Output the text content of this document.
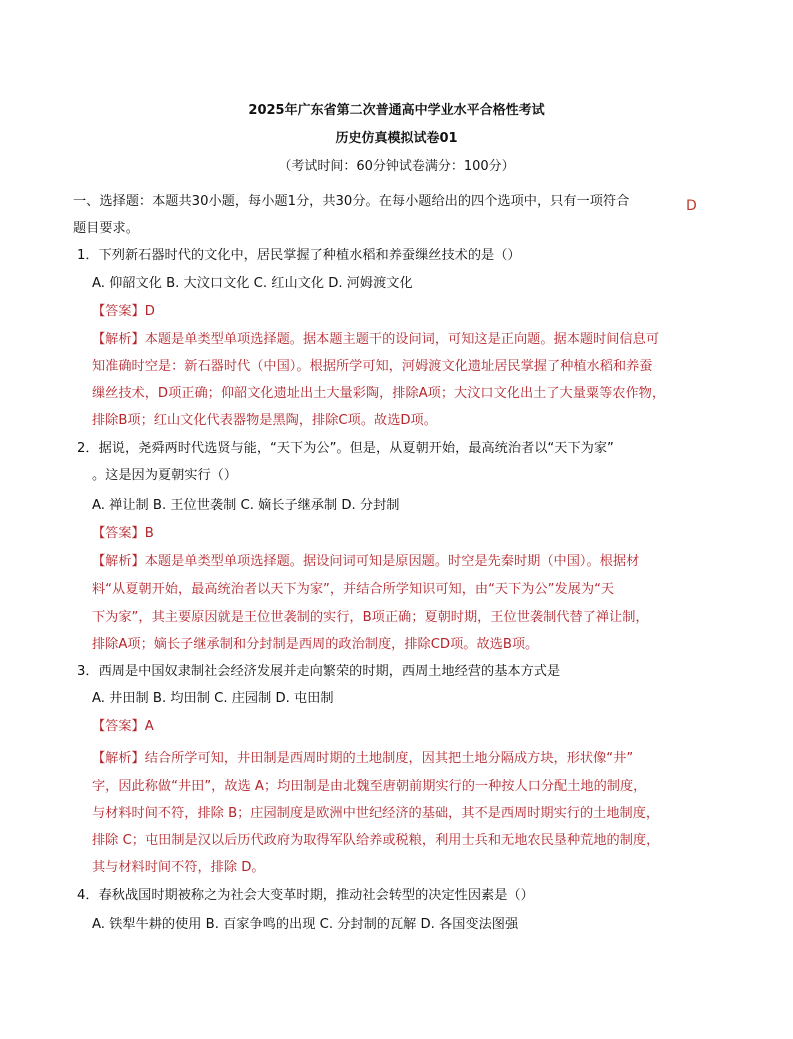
2025年广东省第二次普通高中学业水平合格性考试
历史仿真模拟试卷01
（考试时间：60分钟试卷满分：100分）
一、选择题：本题共30小题，每小题1分，共30分。在每小题给出的四个选项中，只有一项符合	D
题目要求。
1．下列新石器时代的文化中，居民掌握了种植水稻和养蚕缫丝技术的是（）
A. 仰韶文化 B. 大汶口文化 C. 红山文化 D. 河姆渡文化
【答案】D
【解析】本题是单类型单项选择题。据本题主题干的设问词，可知这是正向题。据本题时间信息可
知准确时空是：新石器时代（中国）。根据所学可知，河姆渡文化遗址居民掌握了种植水稻和养蚕
缫丝技术，D项正确；仰韶文化遗址出土大量彩陶，排除A项；大汶口文化出土了大量粟等农作物，
排除B项；红山文化代表器物是黑陶，排除C项。故选D项。
2．据说，尧舜两时代选贤与能，“天下为公”。但是，从夏朝开始，最高统治者以“天下为家”
。这是因为夏朝实行（）
A. 禅让制 B. 王位世袭制 C. 嫡长子继承制 D. 分封制
【答案】B
【解析】本题是单类型单项选择题。据设问词可知是原因题。时空是先秦时期（中国）。根据材
料“从夏朝开始，最高统治者以天下为家”，并结合所学知识可知，由“天下为公”发展为“天
下为家”，其主要原因就是王位世袭制的实行，B项正确；夏朝时期，王位世袭制代替了禅让制，
排除A项；嫡长子继承制和分封制是西周的政治制度，排除CD项。故选B项。
3．西周是中国奴隶制社会经济发展并走向繁荣的时期，西周土地经营的基本方式是
A. 井田制 B. 均田制 C. 庄园制 D. 屯田制
【答案】A
【解析】结合所学可知，井田制是西周时期的土地制度，因其把土地分隔成方块，形状像“井”
字，因此称做“井田”，故选 A；均田制是由北魏至唐朝前期实行的一种按人口分配土地的制度，
与材料时间不符，排除 B；庄园制度是欧洲中世纪经济的基础，其不是西周时期实行的土地制度，
排除 C；屯田制是汉以后历代政府为取得军队给养或税粮，利用士兵和无地农民垦种荒地的制度，
其与材料时间不符，排除 D。
4．春秋战国时期被称之为社会大变革时期，推动社会转型的决定性因素是（）
A. 铁犁牛耕的使用 B. 百家争鸣的出现 C. 分封制的瓦解 D. 各国变法图强
